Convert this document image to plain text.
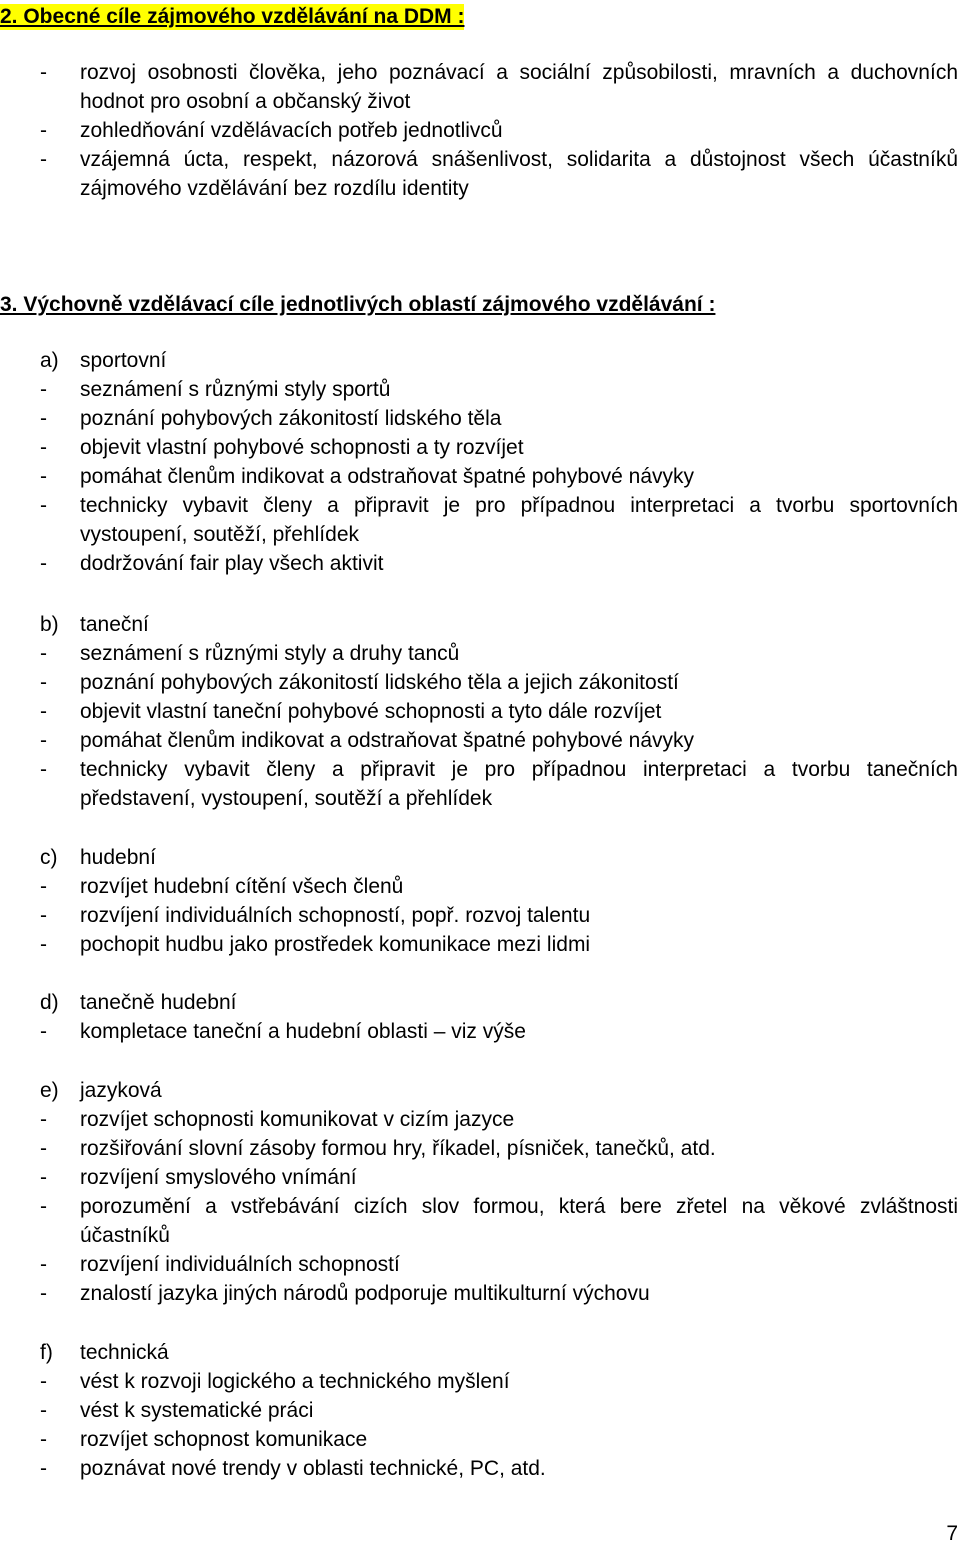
2. Obecné cíle zájmového vzdělávání na DDM :
-	rozvoj osobnosti člověka, jeho poznávací a sociální způsobilosti, mravních a duchovních hodnot pro osobní a občanský život
-	zohledňování vzdělávacích potřeb jednotlivců
-	vzájemná úcta, respekt, názorová snášenlivost, solidarita a důstojnost všech účastníků zájmového vzdělávání bez rozdílu identity
3. Výchovně vzdělávací cíle jednotlivých oblastí zájmového vzdělávání :
a)	sportovní
-	seznámení s různými styly sportů
-	poznání pohybových zákonitostí lidského těla
-	objevit vlastní pohybové schopnosti a ty rozvíjet
-	pomáhat členům indikovat a odstraňovat špatné pohybové návyky
-	technicky vybavit členy a připravit je pro případnou interpretaci a tvorbu sportovních vystoupení, soutěží, přehlídek
-	dodržování fair play všech aktivit
b)	taneční
-	seznámení s různými styly a druhy tanců
-	poznání pohybových zákonitostí lidského těla a jejich zákonitostí
-	objevit vlastní taneční pohybové schopnosti a tyto dále rozvíjet
-	pomáhat členům indikovat a odstraňovat špatné pohybové návyky
-	technicky vybavit členy a připravit je pro případnou interpretaci a tvorbu tanečních představení, vystoupení, soutěží a přehlídek
c)	hudební
-	rozvíjet hudební cítění všech členů
-	rozvíjení individuálních schopností, popř. rozvoj talentu
-	pochopit hudbu jako prostředek komunikace mezi lidmi
d)	tanečně hudební
-	kompletace taneční a hudební oblasti – viz výše
e)	jazyková
-	rozvíjet schopnosti komunikovat v cizím jazyce
-	rozšiřování slovní zásoby formou hry, říkadel, písniček, tanečků, atd.
-	rozvíjení smyslového vnímání
-	porozumění a vstřebávání cizích slov formou, která bere zřetel na věkové zvláštnosti účastníků
-	rozvíjení individuálních schopností
-	znalostí jazyka jiných národů podporuje multikulturní výchovu
f)	technická
-	vést k rozvoji logického a technického myšlení
-	vést k systematické práci
-	rozvíjet schopnost komunikace
-	poznávat nové trendy v oblasti technické, PC, atd.
7
